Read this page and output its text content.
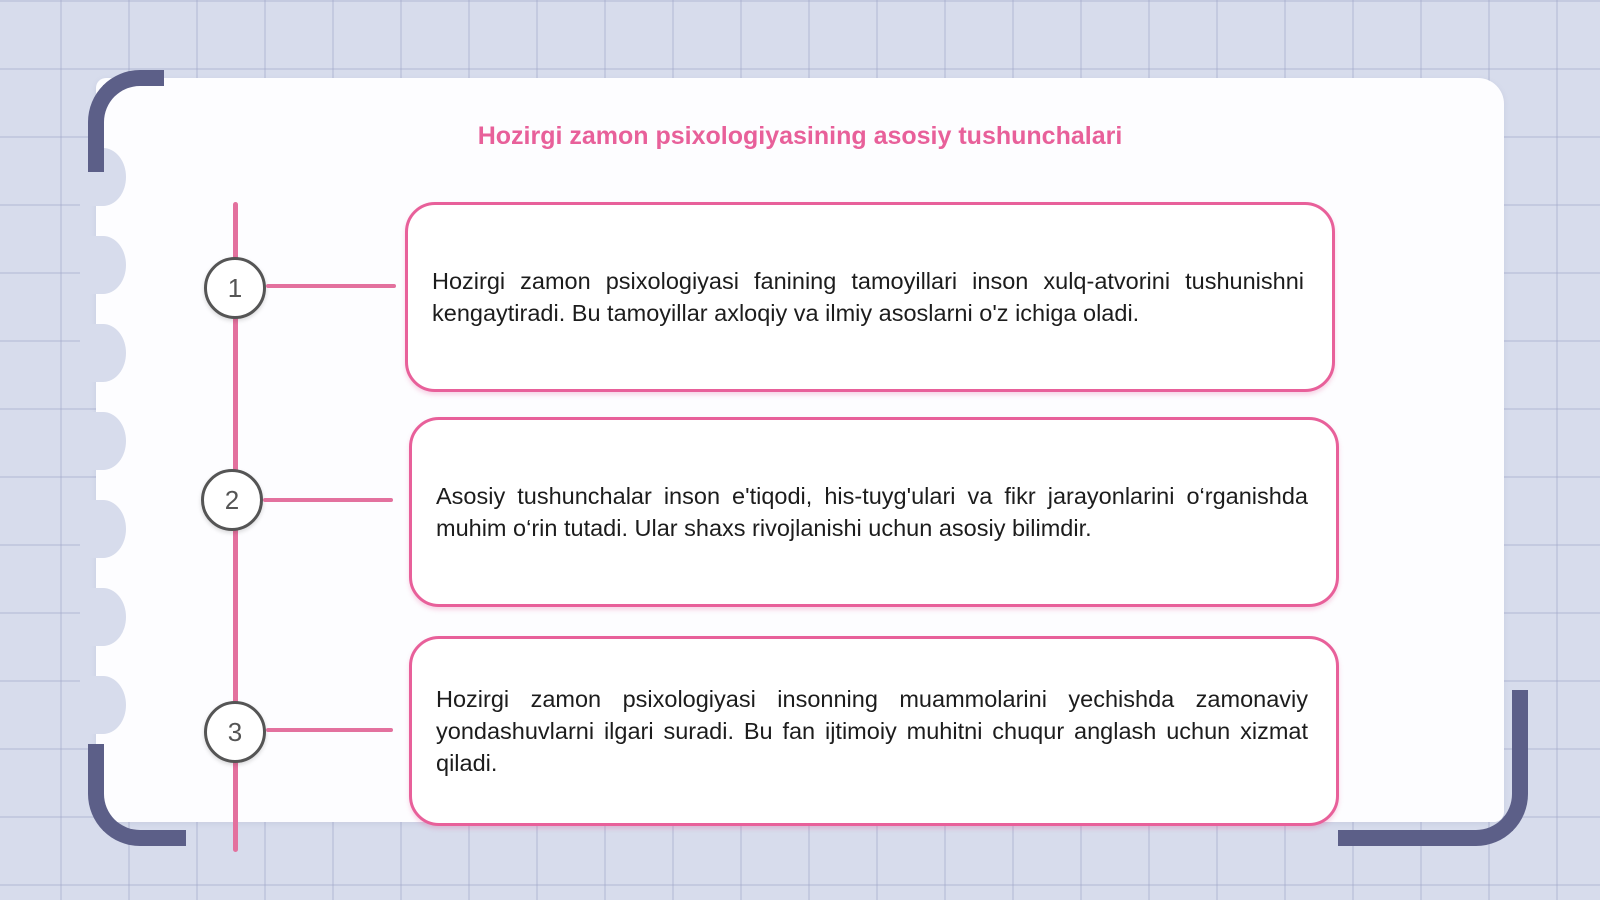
Hozirgi zamon psixologiyasining asosiy tushunchalari
1	Hozirgi zamon psixologiyasi fanining tamoyillari inson xulq-atvorini tushunishni kengaytiradi. Bu tamoyillar axloqiy va ilmiy asoslarni o'z ichiga oladi.

2	Asosiy tushunchalar inson e'tiqodi, his-tuyg'ulari va fikr jarayonlarini o‘rganishda muhim o‘rin tutadi. Ular shaxs rivojlanishi uchun asosiy bilimdir.

3

Hozirgi zamon psixologiyasi insonning muammolarini yechishda zamonaviy yondashuvlarni ilgari suradi. Bu fan ijtimoiy muhitni chuqur anglash uchun xizmat qiladi.
